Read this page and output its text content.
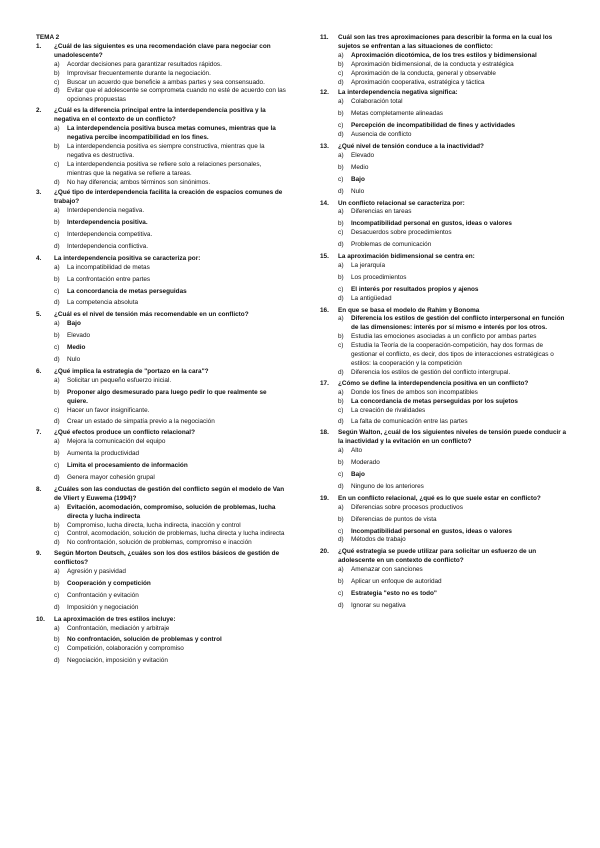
TEMA 2
1.	¿Cuál de las siguientes es una recomendación clave para negociar con unadolescente?
a)	Acordar decisiones para garantizar resultados rápidos.
b)	Improvisar frecuentemente durante la negociación.
c)	Buscar un acuerdo que beneficie a ambas partes y sea consensuado.
d)	Evitar que el adolescente se comprometa cuando no esté de acuerdo con las opciones propuestas
2.	¿Cuál es la diferencia principal entre la interdependencia positiva y la negativa en el contexto de un conflicto?
a)	La interdependencia positiva busca metas comunes, mientras que la negativa percibe incompatibilidad en los fines.
b)	La interdependencia positiva es siempre constructiva, mientras que la negativa es destructiva.
c)	La interdependencia positiva se refiere solo a relaciones personales, mientras que la negativa se refiere a tareas.
d)	No hay diferencia; ambos términos son sinónimos.
3.	¿Qué tipo de interdependencia facilita la creación de espacios comunes de trabajo?
a)	Interdependencia negativa.
b)	Interdependencia positiva.
c)	Interdependencia competitiva.
d)	Interdependencia conflictiva.
4.	La interdependencia positiva se caracteriza por:
a)	La incompatibilidad de metas
b)	La confrontación entre partes
c)	La concordancia de metas perseguidas
d)	La competencia absoluta
5.	¿Cuál es el nivel de tensión más recomendable en un conflicto?
a)	Bajo
b)	Elevado
c)	Medio
d)	Nulo
6.	¿Qué implica la estrategia de "portazo en la cara"?
a)	Solicitar un pequeño esfuerzo inicial.
b)	Proponer algo desmesurado para luego pedir lo que realmente se quiere.
c)	Hacer un favor insignificante.
d)	Crear un estado de simpatía previo a la negociación
7.	¿Qué efectos produce un conflicto relacional?
a)	Mejora la comunicación del equipo
b)	Aumenta la productividad
c)	Limita el procesamiento de información
d)	Genera mayor cohesión grupal
8.	¿Cuáles son las conductas de gestión del conflicto según el modelo de Van de Vliert y Euwema (1994)?
a)	Evitación, acomodación, compromiso, solución de problemas, lucha directa y lucha indirecta
b)	Compromiso, lucha directa, lucha indirecta, inacción y control
c)	Control, acomodación, solución de problemas, lucha directa y lucha indirecta
d)	No confrontación, solución de problemas, compromiso e inacción
9.	Según Morton Deutsch, ¿cuáles son los dos estilos básicos de gestión de conflictos?
a)	Agresión y pasividad
b)	Cooperación y competición
c)	Confrontación y evitación
d)	Imposición y negociación
10.	La aproximación de tres estilos incluye:
a)	Confrontación, mediación y arbitraje
b)	No confrontación, solución de problemas y control
c)	Competición, colaboración y compromiso
d)	Negociación, imposición y evitación
11.	Cuál son las tres aproximaciones para describir la forma en la cual los sujetos se enfrentan a las situaciones de conflicto:
a)	Aproximación dicotómica, de los tres estilos y bidimensional
b)	Aproximación bidimensional, de la conducta y estratégica
c)	Aproximación de la conducta, general y observable
d)	Aproximación cooperativa, estratégica y táctica
12.	La interdependencia negativa significa:
a)	Colaboración total
b)	Metas completamente alineadas
c)	Percepción de incompatibilidad de fines y actividades
d)	Ausencia de conflicto
13.	¿Qué nivel de tensión conduce a la inactividad?
a)	Elevado
b)	Medio
c)	Bajo
d)	Nulo
14.	Un conflicto relacional se caracteriza por:
a)	Diferencias en tareas
b)	Incompatibilidad personal en gustos, ideas o valores
c)	Desacuerdos sobre procedimientos
d)	Problemas de comunicación
15.	La aproximación bidimensional se centra en:
a)	La jerarquía
b)	Los procedimientos
c)	El interés por resultados propios y ajenos
d)	La antigüedad
16.	En que se basa el modelo de Rahim y Bonoma
a)	Diferencia los estilos de gestión del conflicto interpersonal en función de las dimensiones: interés por sí mismo e interés por los otros.
b)	Estudia las emociones asociadas a un conflicto por ambas partes
c)	Estudia la Teoría de la cooperación-competición, hay dos formas de gestionar el conflicto, es decir, dos tipos de interacciones estratégicas o estilos: la cooperación y la competición
d)	Diferencia los estilos de gestión del conflicto intergrupal.
17.	¿Cómo se define la interdependencia positiva en un conflicto?
a)	Donde los fines de ambos son incompatibles
b)	La concordancia de metas perseguidas por los sujetos
c)	La creación de rivalidades
d)	La falta de comunicación entre las partes
18.	Según Walton, ¿cuál de los siguientes niveles de tensión puede conducir a la inactividad y la evitación en un conflicto?
a)	Alto
b)	Moderado
c)	Bajo
d)	Ninguno de los anteriores
19.	En un conflicto relacional, ¿qué es lo que suele estar en conflicto?
a)	Diferencias sobre procesos productivos
b)	Diferencias de puntos de vista
c)	Incompatibilidad personal en gustos, ideas o valores
d)	Métodos de trabajo
20.	¿Qué estrategia se puede utilizar para solicitar un esfuerzo de un adolescente en un contexto de conflicto?
a)	Amenazar con sanciones
b)	Aplicar un enfoque de autoridad
c)	Estrategia "esto no es todo"
d)	Ignorar su negativa
